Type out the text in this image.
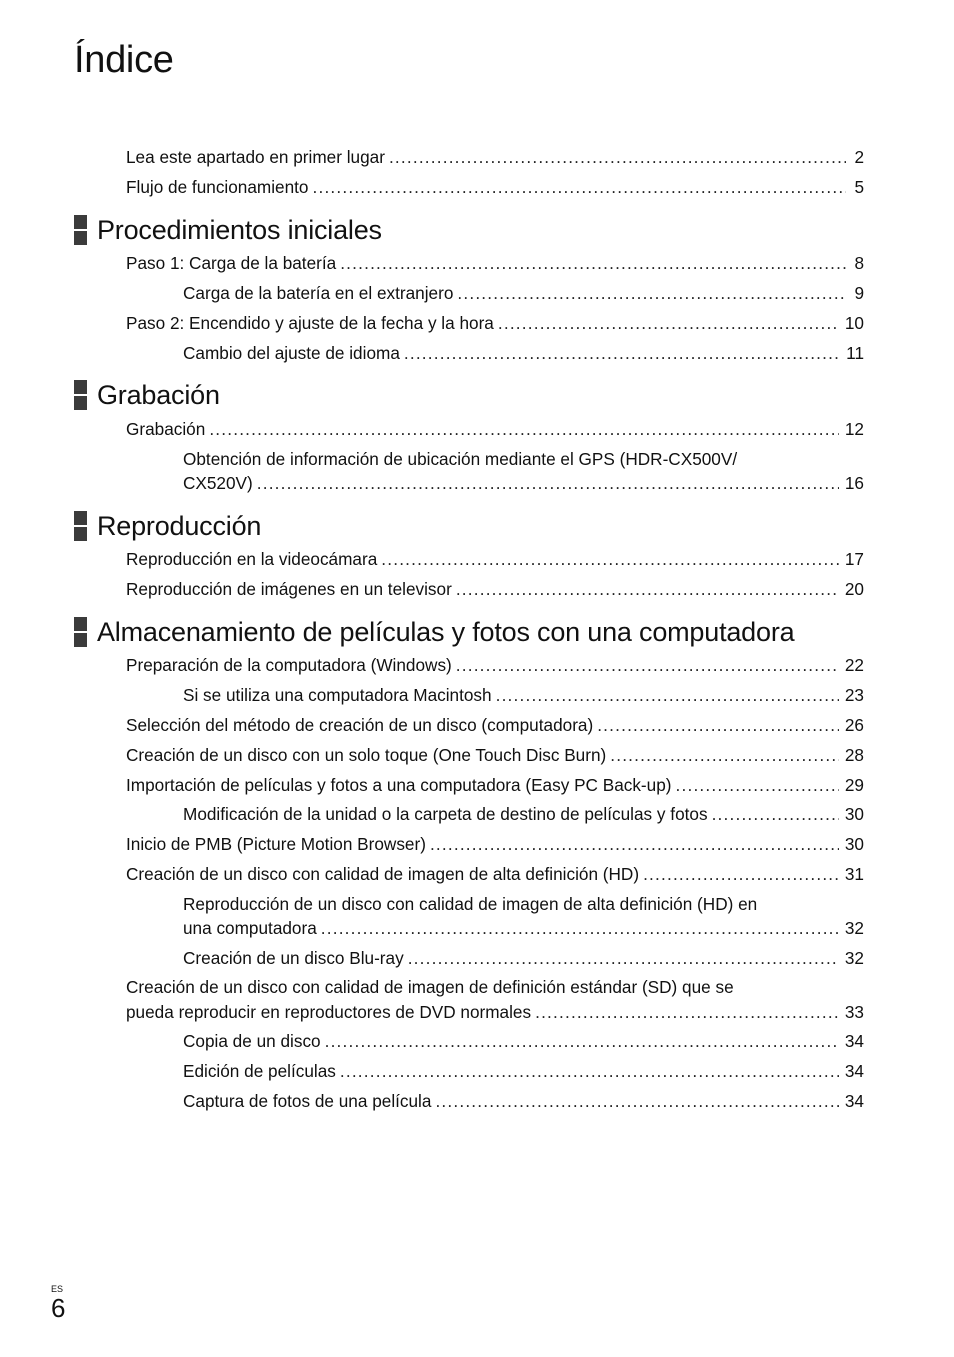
Índice
Lea este apartado en primer lugar .....	2
Flujo de funcionamiento .....	5
Procedimientos iniciales
Paso 1: Carga de la batería .....	8
Carga de la batería en el extranjero .....	9
Paso 2: Encendido y ajuste de la fecha y la hora .....	10
Cambio del ajuste de idioma .....	11
Grabación
Grabación .....	12
Obtención de información de ubicación mediante el GPS (HDR-CX500V/
CX520V) .....	16
Reproducción
Reproducción en la videocámara .....	17
Reproducción de imágenes en un televisor .....	20
Almacenamiento de películas y fotos con una computadora
Preparación de la computadora (Windows) .....	22
Si se utiliza una computadora Macintosh .....	23
Selección del método de creación de un disco (computadora) .....	26
Creación de un disco con un solo toque (One Touch Disc Burn) .....	28
Importación de películas y fotos a una computadora (Easy PC Back-up) .....	29
Modificación de la unidad o la carpeta de destino de películas y fotos .....	30
Inicio de PMB (Picture Motion Browser) .....	30
Creación de un disco con calidad de imagen de alta definición (HD) .....	31
Reproducción de un disco con calidad de imagen de alta definición (HD) en
una computadora .....	32
Creación de un disco Blu-ray .....	32
Creación de un disco con calidad de imagen de definición estándar (SD) que se
pueda reproducir en reproductores de DVD normales .....	33
Copia de un disco .....	34
Edición de películas .....	34
Captura de fotos de una película .....	34
ES
6
